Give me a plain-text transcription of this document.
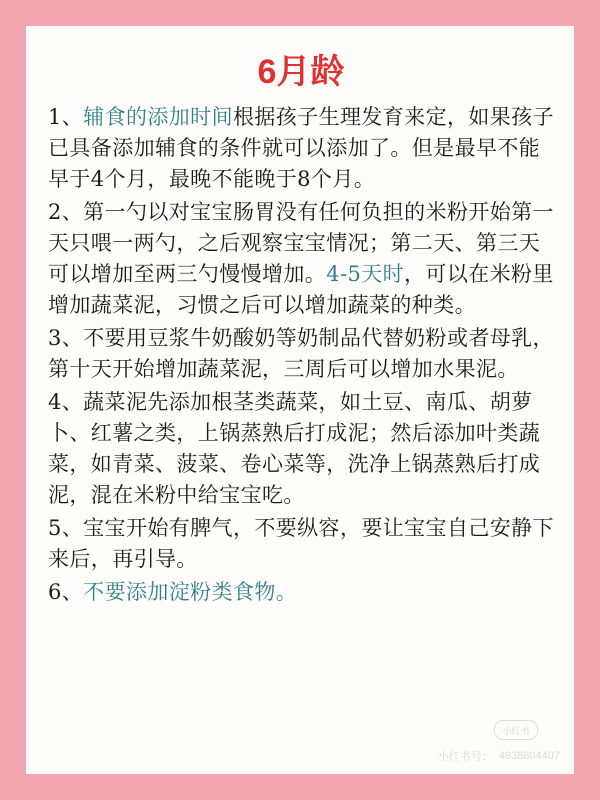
6月龄

1、辅食的添加时间根据孩子生理发育来定，如果孩子已具备添加辅食的条件就可以添加了。但是最早不能早于4个月，最晚不能晚于8个月。

2、第一勺以对宝宝肠胃没有任何负担的米粉开始第一天只喂一两勺，之后观察宝宝情况；第二天、第三天可以增加至两三勺慢慢增加。4-5天时，可以在米粉里增加蔬菜泥，习惯之后可以增加蔬菜的种类。

3、不要用豆浆牛奶酸奶等奶制品代替奶粉或者母乳，第十天开始增加蔬菜泥，三周后可以增加水果泥。

4、蔬菜泥先添加根茎类蔬菜，如土豆、南瓜、胡萝卜、红薯之类，上锅蒸熟后打成泥；然后添加叶类蔬菜，如青菜、菠菜、卷心菜等，洗净上锅蒸熟后打成泥，混在米粉中给宝宝吃。

5、宝宝开始有脾气，不要纵容，要让宝宝自己安静下来后，再引导。

6、不要添加淀粉类食物。

小红书
小红书号： 4938804407
